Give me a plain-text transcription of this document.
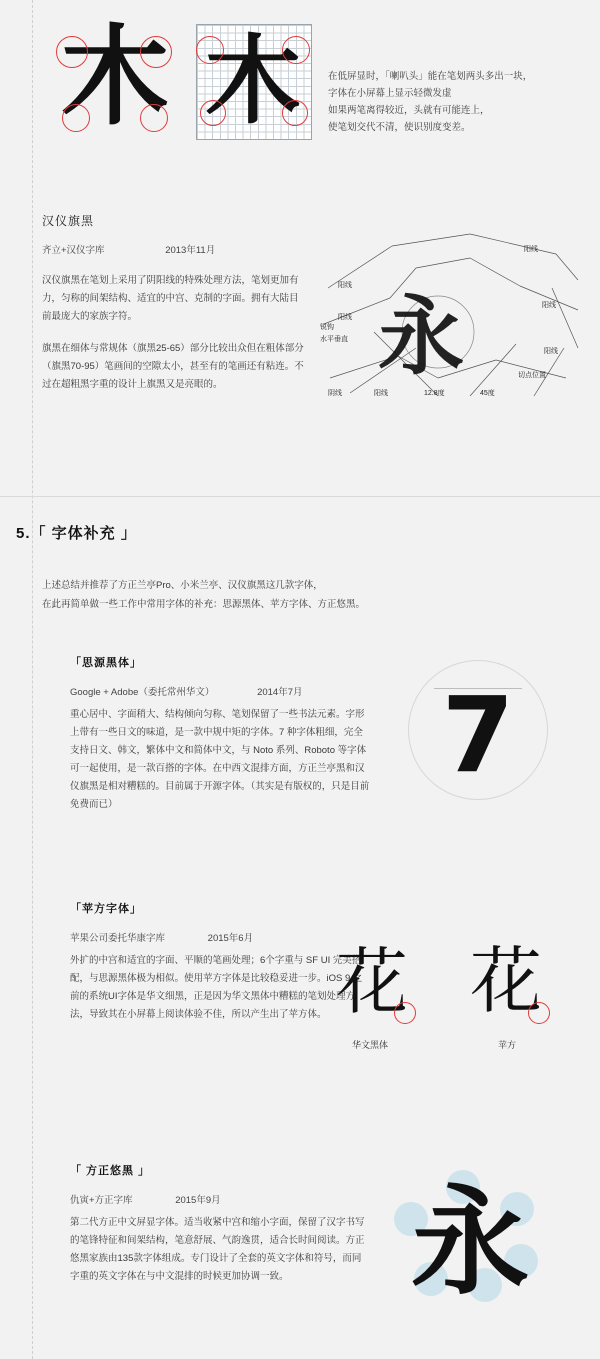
木 木	在低屏显时，「喇叭头」能在笔划两头多出一块，
字体在小屏幕上显示轻微发虚
如果两笔离得较近，头就有可能连上，
使笔划交代不清，使识别度变差。
汉仪旗黑
齐立+汉仪字库	2013年11月
汉仪旗黑在笔划上采用了阴阳线的特殊处理方法，笔划更加有力，匀称的间架结构、适宜的中宫、克制的字面。拥有大陆目前最庞大的家族字符。
旗黑在细体与常规体（旗黑25-65）部分比较出众但在粗体部分（旗黑70-95）笔画间的空隙太小，甚至有的笔画还有粘连。不过在超粗黑字重的设计上旗黑又是亮眼的。	永
阳线
阳线
阳线
阳线
阳线
阴线	阳线
锐钩
水平垂直
切点位置
12.8度	45度
5.「 字体补充 」
上述总结并推荐了方正兰亭Pro、小米兰亭、汉仪旗黑这几款字体，
在此再简单做一些工作中常用字体的补充：思源黑体、苹方字体、方正悠黑。
「思源黑体」
Google + Adobe（委托常州华文）	2014年7月
重心居中、字面稍大、结构倾向匀称、笔划保留了一些书法元素。字形上带有一些日文的味道，是一款中规中矩的字体。7 种字体粗细，完全支持日文、韩文，繁体中文和简体中文，与 Noto 系列、Roboto 等字体可一起使用，是一款百搭的字体。在中西文混排方面，方正兰亭黑和汉仪旗黑是相对糟糕的。目前属于开源字体。（其实是有版权的，只是目前免费而已）
7
「苹方字体」
苹果公司委托华康字库	2015年6月
外扩的中宫和适宜的字面、平顺的笔画处理；6个字重与 SF UI 完美搭配，与思源黑体极为相似。使用苹方字体是比较稳妥进一步。iOS 9 之前的系统UI字体是华文细黑，正是因为华文黑体中糟糕的笔划处理方法，导致其在小屏幕上阅读体验不佳，所以产生出了苹方体。 花 花
华文黑体	苹方
「 方正悠黑 」
仇寅+方正字库	2015年9月
第二代方正中文屏显字体。适当收紧中宫和缩小字面，保留了汉字书写的笔锋特征和间架结构，笔意舒展、气韵逸贯，适合长时间阅读。方正悠黑家族由135款字体组成。专门设计了全套的英文字体和符号，而同字重的英文字体在与中文混排的时候更加协调一致。	永
